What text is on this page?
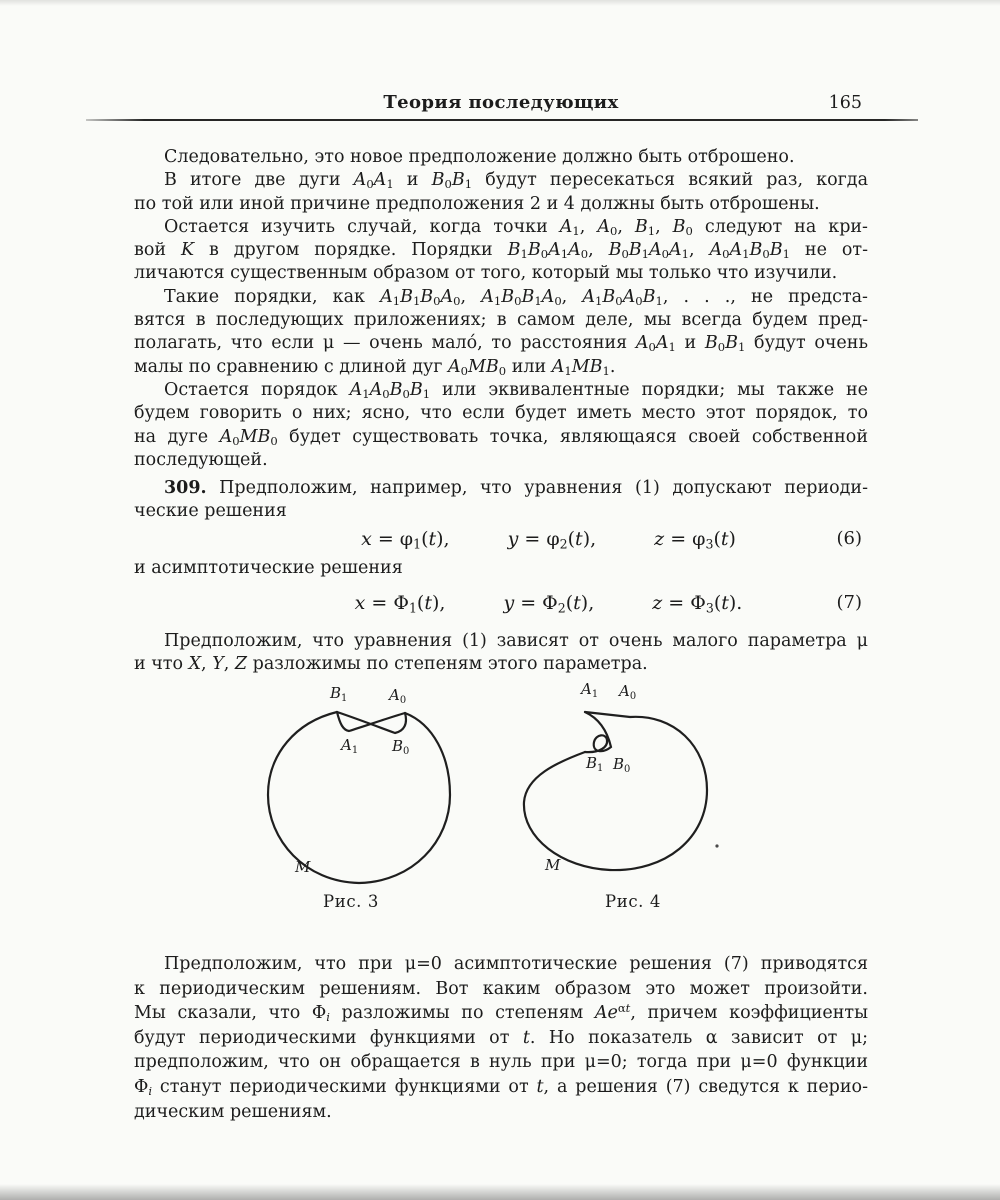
Теория последующих	165
Следовательно, это новое предположение должно быть отброшено.
В итоге две дуги $A_0A_1$ и $B_0B_1$ будут пересекаться всякий раз, когда
по той или иной причине предположения 2 и 4 должны быть отброшены.
Остается изучить случай, когда точки $A_1$, $A_0$, $B_1$, $B_0$ следуют на кри-
вой K в другом порядке. Порядки $B_1B_0A_1A_0$, $B_0B_1A_0A_1$, $A_0A_1B_0B_1$ не от-
личаются существенным образом от того, который мы только что изучили.
Такие порядки, как $A_1B_1B_0A_0$, $A_1B_0B_1A_0$, $A_1B_0A_0B_1$, . . ., не предста-
вятся в последующих приложениях; в самом деле, мы всегда будем пред-
полагать, что если μ — очень мало́, то расстояния $A_0A_1$ и $B_0B_1$ будут очень
малы по сравнению с длиной дуг $A_0MB_0$ или $A_1MB_1$.
Остается порядок $A_1A_0B_0B_1$ или эквивалентные порядки; мы также не
будем говорить о них; ясно, что если будет иметь место этот порядок, то
на дуге $A_0MB_0$ будет существовать точка, являющаяся своей собственной
последующей.
309. Предположим, например, что уравнения (1) допускают периоди-
ческие решения
$x = \varphi_1(t)$,	$y = \varphi_2(t)$,	$z = \varphi_3(t)$	(6)
и асимптотические решения
$x = \Phi_1(t)$,	$y = \Phi_2(t)$,	$z = \Phi_3(t)$.	(7)
Предположим, что уравнения (1) зависят от очень малого параметра μ
и что X, Y, Z разложимы по степеням этого параметра.
$B_1$	$A_0$
$A_1$ $B_0$
M
Рис. 3
$A_1$ $A_0$
$B_1$ $B_0$
M
Рис. 4
Предположим, что при μ=0 асимптотические решения (7) приводятся
к периодическим решениям. Вот каким образом это может произойти.
Мы сказали, что $\Phi_i$ разложимы по степеням $Ae^{\alpha t}$, причем коэффициенты
будут периодическими функциями от t. Но показатель α зависит от μ;
предположим, что он обращается в нуль при μ=0; тогда при μ=0 функции
$\Phi_i$ станут периодическими функциями от t, а решения (7) сведутся к перио-
дическим решениям.
